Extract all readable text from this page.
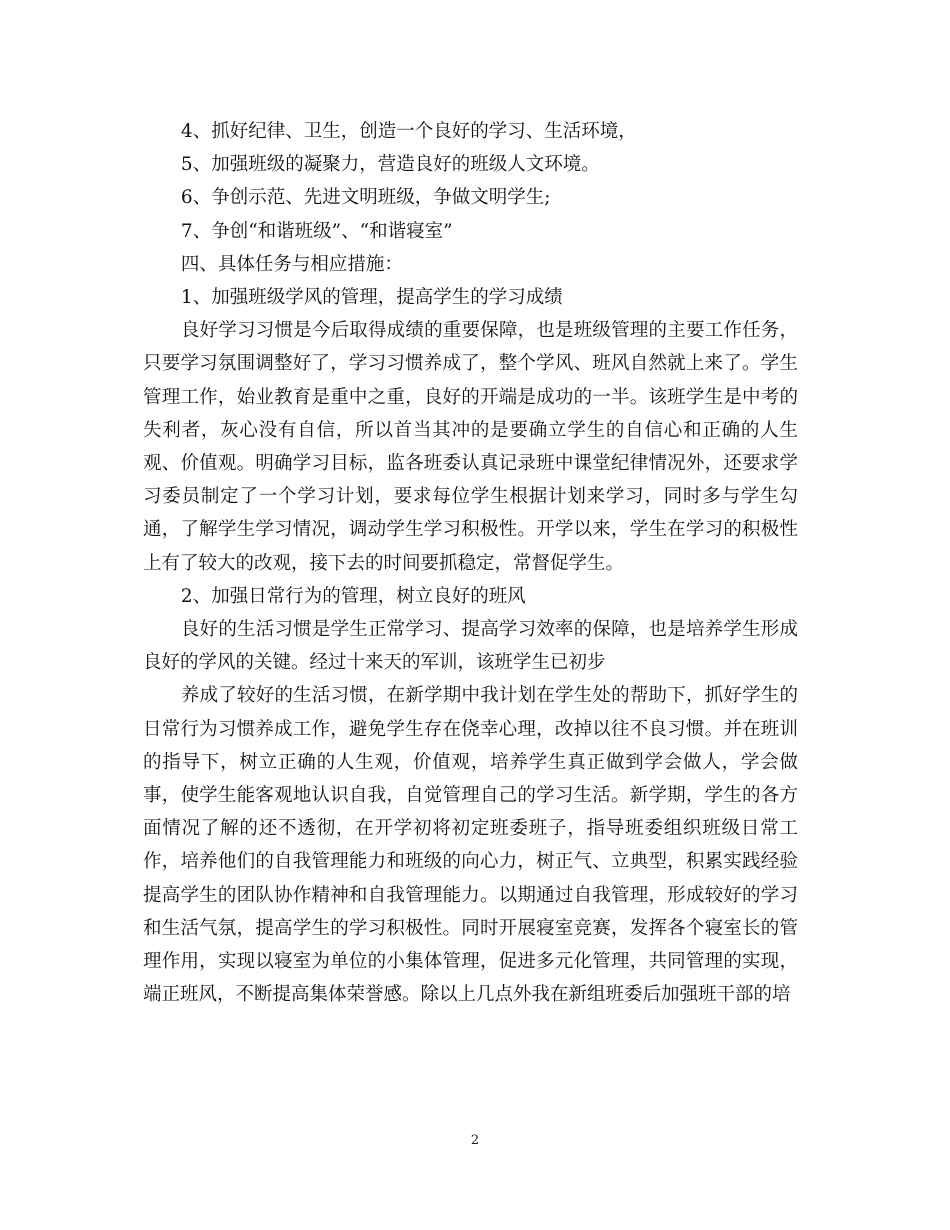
4、抓好纪律、卫生，创造一个良好的学习、生活环境，

5、加强班级的凝聚力，营造良好的班级人文环境。

6、争创示范、先进文明班级，争做文明学生;

7、争创“和谐班级”、“和谐寝室”

四、具体任务与相应措施：

1、加强班级学风的管理，提高学生的学习成绩

良好学习习惯是今后取得成绩的重要保障，也是班级管理的主要工作任务，只要学习氛围调整好了，学习习惯养成了，整个学风、班风自然就上来了。学生管理工作，始业教育是重中之重，良好的开端是成功的一半。该班学生是中考的失利者，灰心没有自信，所以首当其冲的是要确立学生的自信心和正确的人生观、价值观。明确学习目标，监各班委认真记录班中课堂纪律情况外，还要求学习委员制定了一个学习计划，要求每位学生根据计划来学习，同时多与学生勾通，了解学生学习情况，调动学生学习积极性。开学以来，学生在学习的积极性上有了较大的改观，接下去的时间要抓稳定，常督促学生。

2、加强日常行为的管理，树立良好的班风

良好的生活习惯是学生正常学习、提高学习效率的保障，也是培养学生形成良好的学风的关键。经过十来天的军训，该班学生已初步

养成了较好的生活习惯，在新学期中我计划在学生处的帮助下，抓好学生的日常行为习惯养成工作，避免学生存在侥幸心理，改掉以往不良习惯。并在班训的指导下，树立正确的人生观，价值观，培养学生真正做到学会做人，学会做事，使学生能客观地认识自我，自觉管理自己的学习生活。新学期，学生的各方面情况了解的还不透彻，在开学初将初定班委班子，指导班委组织班级日常工作，培养他们的自我管理能力和班级的向心力，树正气、立典型，积累实践经验提高学生的团队协作精神和自我管理能力。以期通过自我管理，形成较好的学习和生活气氛，提高学生的学习积极性。同时开展寝室竞赛，发挥各个寝室长的管理作用，实现以寝室为单位的小集体管理，促进多元化管理，共同管理的实现，端正班风，不断提高集体荣誉感。除以上几点外我在新组班委后加强班干部的培

2
